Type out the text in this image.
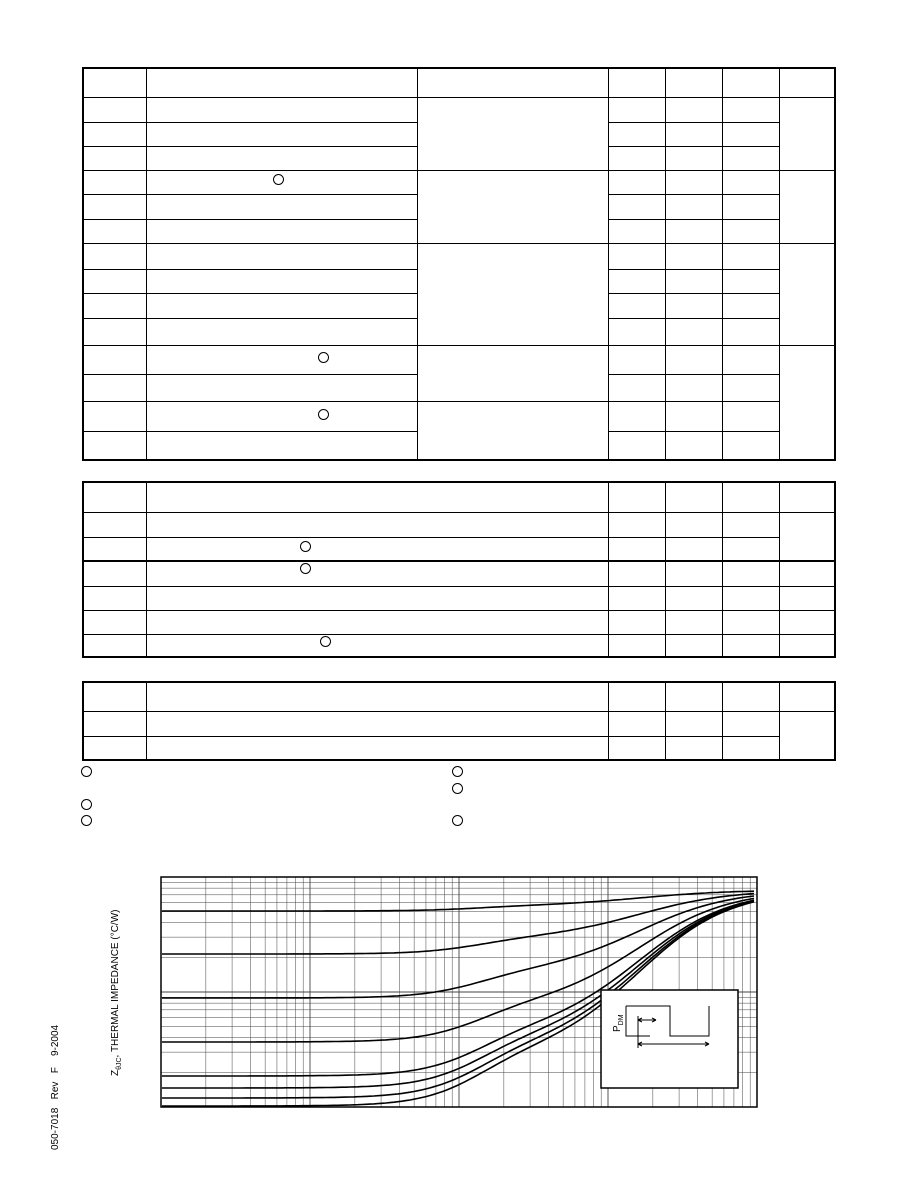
$P_{DM}$
$Z_{\theta JC}$, THERMAL IMPEDANCE (°C/W)
050-7018   Rev   F    9-2004
